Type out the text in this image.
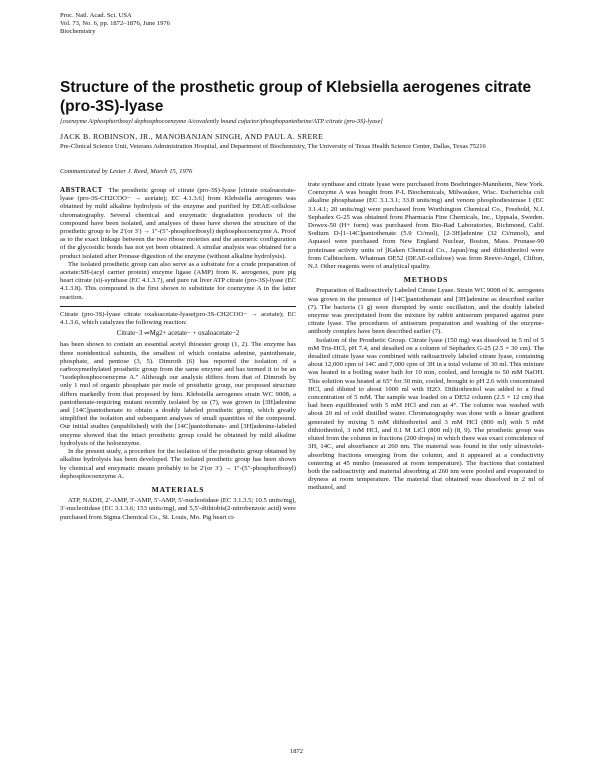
Proc. Natl. Acad. Sci. USA
Vol. 73, No. 6, pp. 1872–1876, June 1976
Biochemistry
Structure of the prosthetic group of Klebsiella aerogenes citrate (pro-3S)-lyase
[coenzyme A/phosphoribosyl dephosphocoenzyme A/covalently bound cofactor/phosphopantetheine/ATP:citrate (pro-3S)-lyase]
JACK B. ROBINSON, JR., MANOBANJAN SINGH, AND PAUL A. SRERE
Pre-Clinical Science Unit, Veterans Administration Hospital, and Department of Biochemistry, The University of Texas Health Science Center, Dallas, Texas 75216
Communicated by Lester J. Reed, March 15, 1976

ABSTRACT The prosthetic group of citrate (pro-3S)-lyase [citrate oxaloacetate-lyase (pro-3S-CH2COO− → acetate); EC 4.1.3.6] from Klebsiella aerogenes was obtained by mild alkaline hydrolysis of the enzyme and purified by DEAE-cellulose chromatography. Several chemical and enzymatic degradation products of the compound have been isolated, and analyses of these have shown the structure of the prosthetic group to be 2′(or 3′) → 1″-(5″-phosphoribosyl) dephosphocoenzyme A. Proof as to the exact linkage between the two ribose moieties and the anomeric configuration of the glycosidic bonds has not yet been obtained. A similar analysis was obtained for a product isolated after Pronase digestion of the enzyme (without alkaline hydrolysis).

The isolated prosthetic group can also serve as a substrate for a crude preparation of acetate:SH-(acyl carrier protein) enzyme ligase (AMP) from K. aerogenes, pure pig heart citrate (si)-synthase (EC 4.1.3.7), and pure rat liver ATP citrate (pro-3S)-lyase (EC 4.1.3.8). This compound is the first shown to substitute for coenzyme A in the latter reaction.

Citrate (pro-3S)-lyase citrate oxaloacetate-lyase(pro-3S-CH2COO− → acetate); EC 4.1.3.6, which catalyzes the following reaction:

Citrate−3 ⇌Mg2+ acetate− + oxaloacetate−2

has been shown to contain an essential acetyl thioester group (1, 2). The enzyme has three nonidentical subunits, the smallest of which contains adenine, pantothenate, phosphate, and pentose (3, 5). Dimroth (6) has reported the isolation of a carboxymethylated prosthetic group from the same enzyme and has termed it to be an "isodephosphocoenzyme A." Although our analysis differs from that of Dimroth by only 1 mol of organic phosphate per mole of prosthetic group, our proposed structure differs markedly from that proposed by him. Klebsiella aerogenes strain WC 9008, a pantothenate-requiring mutant recently isolated by us (7), was grown in [3H]adenine and [14C]pantothenate to obtain a doubly labeled prosthetic group, which greatly simplified the isolation and subsequent analyses of small quantities of the compound. Our initial studies (unpublished) with the [14C]pantothenate- and [3H]adenine-labeled enzyme showed that the intact prosthetic group could be obtained by mild alkaline hydrolysis of the holoenzyme.

In the present study, a procedure for the isolation of the prosthetic group obtained by alkaline hydrolysis has been developed. The isolated prosthetic group has been shown by chemical and enzymatic means probably to be 2′(or 3′) → 1″-(5″-phosphoribosyl) dephosphocoenzyme A.

MATERIALS

ATP, NADH, 2′-AMP, 3′-AMP, 5′-AMP, 5′-nucleotidase (EC 3.1.3.5; 10.5 units/mg), 3′-nucleotidase (EC 3.1.3.6; 153 units/mg), and 5,5′-dithiobis(2-nitrobenzoic acid) were purchased from Sigma Chemical Co., St. Louis, Mo. Pig heart ci-

trate synthase and citrate lyase were purchased from Boehringer-Mannheim, New York. Coenzyme A was bought from P-L Biochemicals, Milwaukee, Wisc. Escherichia coli alkaline phosphatase (EC 3.1.3.1; 33.8 units/mg) and venom phosphodiesterase I (EC 3.1.4.1; 20 units/mg) were purchased from Worthington Chemical Co., Freehold, N.J. Sephadex G-25 was obtained from Pharmacia Fine Chemicals, Inc., Uppsala, Sweden. Dowex-50 (H+ form) was purchased from Bio-Rad Laboratories, Richmond, Calif. Sodium D-[1-14C]pantothenate (5.9 Ci/mol), [2-3H]adenine (32 Ci/mmol), and Aquasol were purchased from New England Nuclear, Boston, Mass. Pronase-90 proteinase activity units of [Kaken Chemical Co., Japan]/mg and dithiothreitol were from Calbiochem. Whatman DE52 (DEAE-cellulose) was from Reeve-Angel, Clifton, N.J. Other reagents were of analytical quality.

METHODS

Preparation of Radioactively Labeled Citrate Lyase. Strain WC 9008 of K. aerogenes was grown in the presence of [14C]pantothenate and [3H]adenine as described earlier (7). The bacteria (1 g) were disrupted by sonic oscillation, and the doubly labeled enzyme was precipitated from the mixture by rabbit antiserum prepared against pure citrate lyase. The procedures of antiserum preparation and washing of the enzyme-antibody complex have been described earlier (7).

Isolation of the Prosthetic Group. Citrate lyase (150 mg) was dissolved in 5 ml of 5 mM Tris-HCl, pH 7.4, and desalted on a column of Sephadex G-25 (2.5 × 30 cm). The desalted citrate lyase was combined with radioactively labeled citrate lyase, containing about 12,000 cpm of 14C and 7,000 cpm of 3H in a total volume of 30 ml. This mixture was heated in a boiling water bath for 10 min, cooled, and brought to 50 mM NaOH. This solution was heated at 65° for 30 min, cooled, brought to pH 2.6 with concentrated HCl, and diluted to about 1000 ml with H2O. Dithiothreitol was added to a final concentration of 5 mM. The sample was loaded on a DE52 column (2.5 × 12 cm) that had been equilibrated with 5 mM HCl and run at 4°. The column was washed with about 20 ml of cold distilled water. Chromatography was done with a linear gradient generated by mixing 5 mM dithiothreitol and 3 mM HCl (800 ml) with 5 mM dithiothreitol, 3 mM HCl, and 0.1 M LiCl (800 ml) (8, 9). The prosthetic group was eluted from the column in fractions (200 drops) in which there was exact coincidence of 3H, 14C, and absorbance at 260 nm. The material was found in the only ultraviolet-absorbing fractions emerging from the column, and it appeared at a conductivity centering at 45 mmho (measured at room temperature). The fractions that contained both the radioactivity and material absorbing at 260 nm were pooled and evaporated to dryness at room temperature. The material that obtained was dissolved in 2 ml of methanol, and

1872
